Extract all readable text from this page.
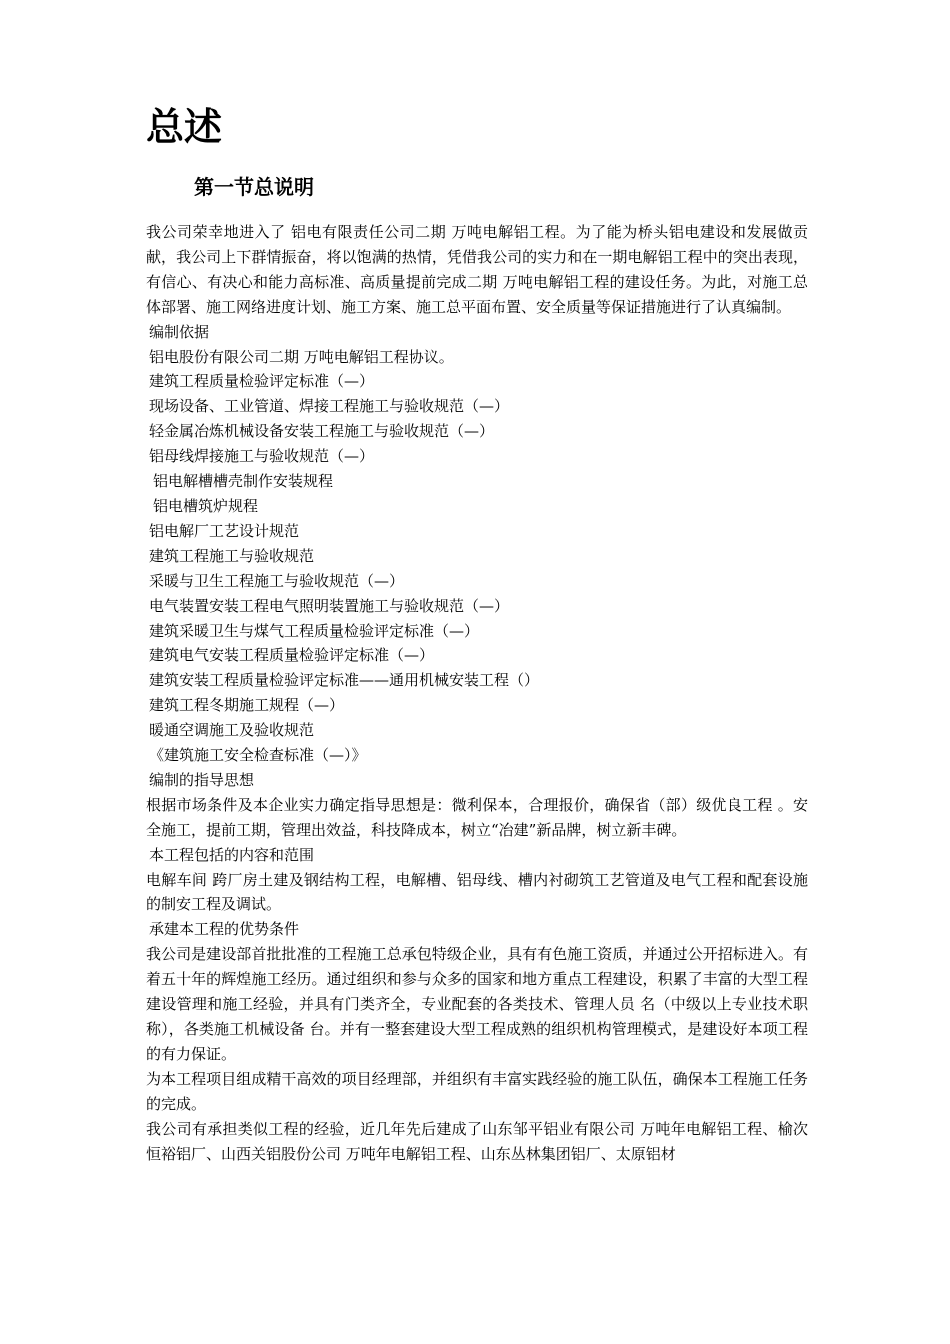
总述
第一节总说明

我公司荣幸地进入了 铝电有限责任公司二期 万吨电解铝工程。为了能为桥头铝电建设和发展做贡献，我公司上下群情振奋，将以饱满的热情，凭借我公司的实力和在一期电解铝工程中的突出表现，有信心、有决心和能力高标准、高质量提前完成二期 万吨电解铝工程的建设任务。为此，对施工总体部署、施工网络进度计划、施工方案、施工总平面布置、安全质量等保证措施进行了认真编制。

编制依据

铝电股份有限公司二期 万吨电解铝工程协议。

建筑工程质量检验评定标准（—）

现场设备、工业管道、焊接工程施工与验收规范（—）

轻金属冶炼机械设备安装工程施工与验收规范（—）

铝母线焊接施工与验收规范（—）

铝电解槽槽壳制作安装规程

铝电槽筑炉规程

铝电解厂工艺设计规范

建筑工程施工与验收规范

采暖与卫生工程施工与验收规范（—）

电气装置安装工程电气照明装置施工与验收规范（—）

建筑采暖卫生与煤气工程质量检验评定标准（—）

建筑电气安装工程质量检验评定标准（—）

建筑安装工程质量检验评定标准——通用机械安装工程（）

建筑工程冬期施工规程（—）

暖通空调施工及验收规范

《建筑施工安全检查标准（—）》

编制的指导思想

根据市场条件及本企业实力确定指导思想是：微利保本，合理报价，确保省（部）级优良工程 。安全施工，提前工期，管理出效益，科技降成本，树立“冶建”新品牌，树立新丰碑。

本工程包括的内容和范围

电解车间 跨厂房土建及钢结构工程，电解槽、铝母线、槽内衬砌筑工艺管道及电气工程和配套设施的制安工程及调试。

承建本工程的优势条件

我公司是建设部首批批准的工程施工总承包特级企业，具有有色施工资质，并通过公开招标进入。有着五十年的辉煌施工经历。通过组织和参与众多的国家和地方重点工程建设，积累了丰富的大型工程建设管理和施工经验，并具有门类齐全，专业配套的各类技术、管理人员 名（中级以上专业技术职称），各类施工机械设备 台。并有一整套建设大型工程成熟的组织机构管理模式，是建设好本项工程的有力保证。

为本工程项目组成精干高效的项目经理部，并组织有丰富实践经验的施工队伍，确保本工程施工任务的完成。

我公司有承担类似工程的经验，近几年先后建成了山东邹平铝业有限公司 万吨年电解铝工程、榆次恒裕铝厂、山西关铝股份公司 万吨年电解铝工程、山东丛林集团铝厂、太原铝材
